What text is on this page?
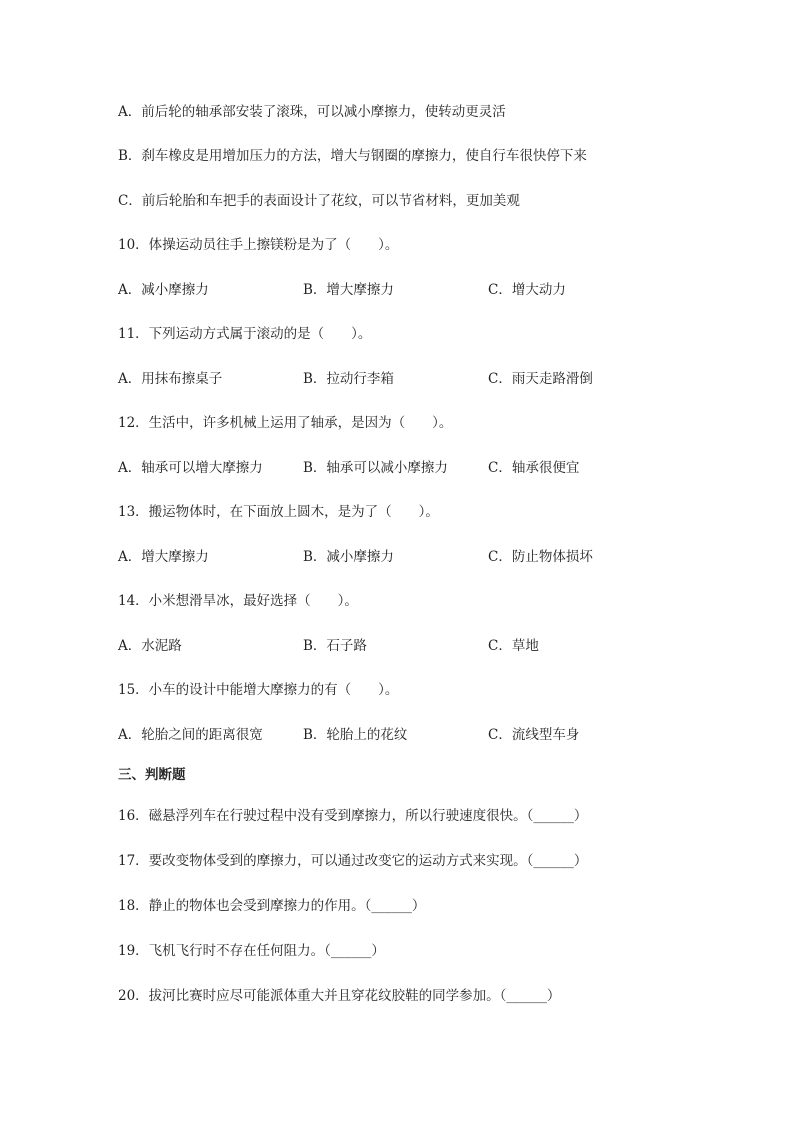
A．前后轮的轴承部安装了滚珠，可以减小摩擦力，使转动更灵活
B．刹车橡皮是用增加压力的方法，增大与钢圈的摩擦力，使自行车很快停下来
C．前后轮胎和车把手的表面设计了花纹，可以节省材料，更加美观
10．体操运动员往手上擦镁粉是为了（　　）。
A．减小摩擦力	B．增大摩擦力	C．增大动力
11．下列运动方式属于滚动的是（　　）。
A．用抹布擦桌子	B．拉动行李箱	C．雨天走路滑倒
12．生活中，许多机械上运用了轴承，是因为（　　）。
A．轴承可以增大摩擦力	B．轴承可以减小摩擦力	C．轴承很便宜
13．搬运物体时，在下面放上圆木，是为了（　　）。
A．增大摩擦力	B．减小摩擦力	C．防止物体损坏
14．小米想滑旱冰，最好选择（　　）。
A．水泥路	B．石子路	C．草地
15．小车的设计中能增大摩擦力的有（　　）。
A．轮胎之间的距离很宽	B．轮胎上的花纹	C．流线型车身
三、判断题
16．磁悬浮列车在行驶过程中没有受到摩擦力，所以行驶速度很快。（______）
17．要改变物体受到的摩擦力，可以通过改变它的运动方式来实现。（______）
18．静止的物体也会受到摩擦力的作用。（______）
19．飞机飞行时不存在任何阻力。（______）
20．拔河比赛时应尽可能派体重大并且穿花纹胶鞋的同学参加。（______）
